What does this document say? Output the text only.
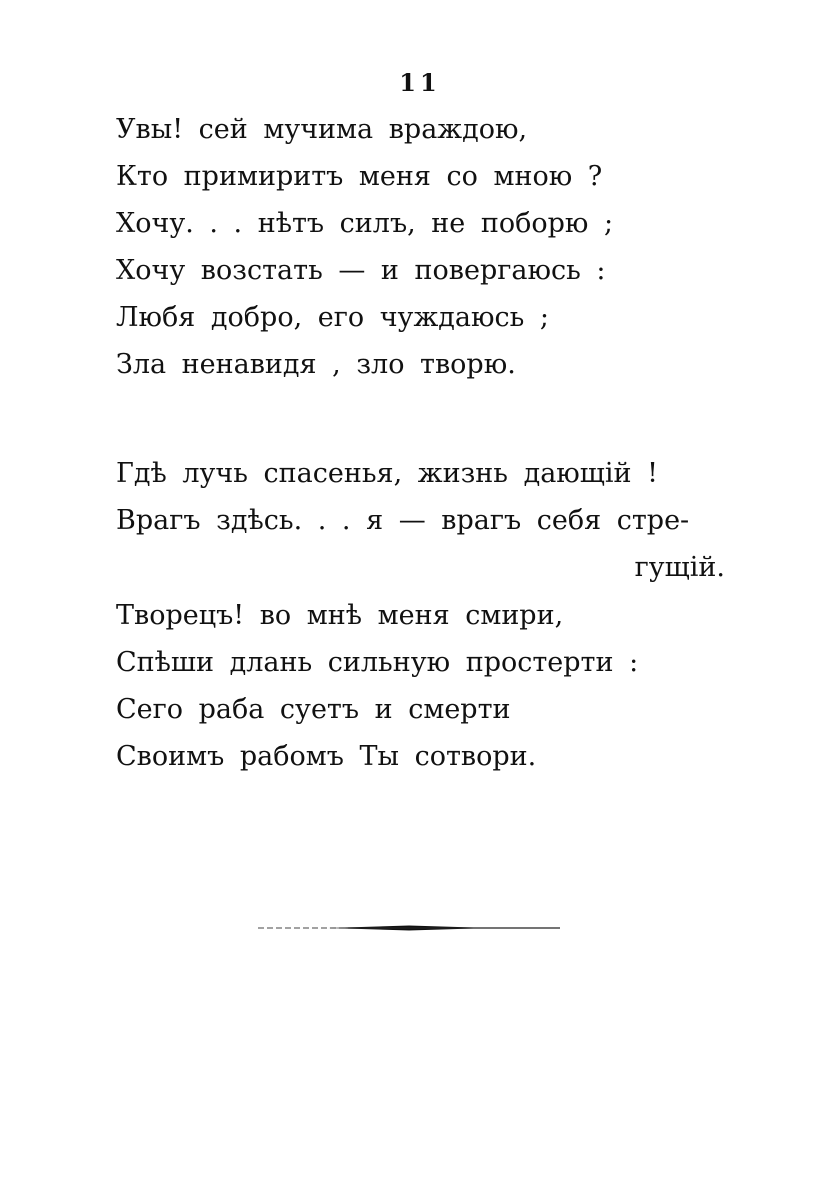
11
Увы! сей мучима враждою,
Кто примиритъ меня со мною ?
Хочу. . . нѣтъ силъ, не поборю ;
Хочу возстать — и повергаюсь :
Любя добро, его чуждаюсь ;
Зла ненавидя , зло творю.
Гдѣ лучь спасенья, жизнь дающій !
Врагъ здѣсь. . . я — врагъ себя стре-
гущій.
Творецъ! во мнѣ меня смири,
Спѣши длань сильную простерти :
Сего раба суетъ и смерти
Своимъ рабомъ Ты сотвори.
